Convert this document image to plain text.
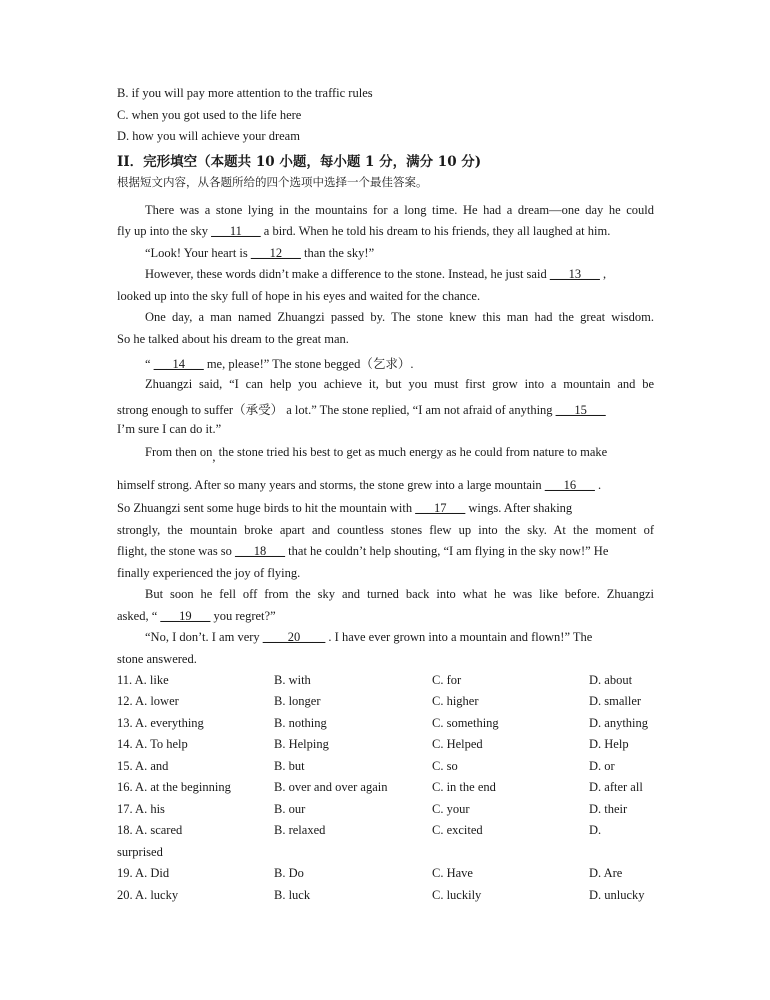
B. if you will pay more attention to the traffic rules
C. when you got used to the life here
D. how you will achieve your dream
II．完形填空（本题共 10 小题，每小题 1 分，满分 10 分)
根据短文内容，从各题所给的四个选项中选择一个最佳答案。
There was a stone lying in the mountains for a long time. He had a dream—one day he could
fly up into the sky ___11___ a bird. When he told his dream to his friends, they all laughed at him.
“Look! Your heart is ___12___ than the sky!”
However, these words didn’t make a difference to the stone. Instead, he just said ___13___ ,
looked up into the sky full of hope in his eyes and waited for the chance.
One day, a man named Zhuangzi passed by. The stone knew this man had the great wisdom.
So he talked about his dream to the great man.
“ ___14___ me, please!” The stone begged（乞求）.
Zhuangzi said, “I can help you achieve it, but you must first grow into a mountain and be
strong enough to suffer（承受） a lot.” The stone replied, “I am not afraid of anything ___15___
I’m sure I can do it.”
From then on, the stone tried his best to get as much energy as he could from nature to make
himself strong. After so many years and storms, the stone grew into a large mountain ___16___ .
So Zhuangzi sent some huge birds to hit the mountain with ___17___ wings. After shaking
strongly, the mountain broke apart and countless stones flew up into the sky. At the moment of
flight, the stone was so ___18___ that he couldn’t help shouting, “I am flying in the sky now!” He
finally experienced the joy of flying.
But soon he fell off from the sky and turned back into what he was like before. Zhuangzi
asked, “ ___19___ you regret?”
“No, I don’t. I am very ____20____ . I have ever grown into a mountain and flown!” The
stone answered.
11. A. like	B. with	C. for	D. about
12. A. lower	B. longer	C. higher	D. smaller
13. A. everything	B. nothing	C. something	D. anything
14. A. To help	B. Helping	C. Helped	D. Help
15. A. and	B. but	C. so	D. or
16. A. at the beginning	B. over and over again	C. in the end	D. after all
17. A. his	B. our	C. your	D. their
18. A. scared	B. relaxed	C. excited	D.
surprised
19. A. Did	B. Do	C. Have	D. Are
20. A. lucky	B. luck	C. luckily	D. unlucky
